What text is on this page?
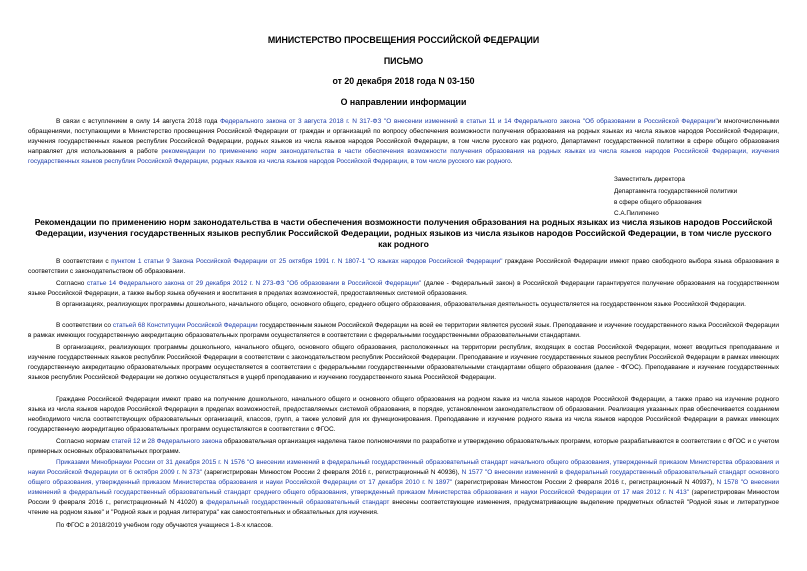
МИНИСТЕРСТВО ПРОСВЕЩЕНИЯ РОССИЙСКОЙ ФЕДЕРАЦИИ
ПИСЬМО
от 20 декабря 2018 года N 03-150
О направлении информации
В связи с вступлением в силу 14 августа 2018 года Федерального закона от 3 августа 2018 г. N 317-ФЗ "О внесении изменений в статьи 11 и 14 Федерального закона "Об образовании в Российской Федерации"и многочисленными обращениями, поступающими в Министерство просвещения Российской Федерации от граждан и организаций по вопросу обеспечения возможности получения образования на родных языках из числа языков народов Российской Федерации, изучения государственных языков республик Российской Федерации, родных языков из числа языков народов Российской Федерации, в том числе русского как родного, Департамент государственной политики в сфере общего образования направляет для использования в работе рекомендации по применению норм законодательства в части обеспечения возможности получения образования на родных языках из числа языков народов Российской Федерации, изучения государственных языков республик Российской Федерации, родных языков из числа языков народов Российской Федерации, в том числе русского как родного.
Заместитель директора
Департамента государственной политики
в сфере общего образования
С.А.Пилипенко
Рекомендации по применению норм законодательства в части обеспечения возможности получения образования на родных языках из числа языков народов Российской Федерации, изучения государственных языков республик Российской Федерации, родных языков из числа языков народов Российской Федерации, в том числе русского как родного
В соответствии с пунктом 1 статьи 9 Закона Российской Федерации от 25 октября 1991 г. N 1807-1 "О языках народов Российской Федерации" граждане Российской Федерации имеют право свободного выбора языка образования в соответствии с законодательством об образовании.
Согласно статье 14 Федерального закона от 29 декабря 2012 г. N 273-ФЗ "Об образовании в Российской Федерации" (далее - Федеральный закон) в Российской Федерации гарантируется получение образования на государственном языке Российской Федерации, а также выбор языка обучения и воспитания в пределах возможностей, предоставляемых системой образования.
В организациях, реализующих программы дошкольного, начального общего, основного общего, среднего общего образования, образовательная деятельность осуществляется на государственном языке Российской Федерации.
В соответствии со статьей 68 Конституции Российской Федерации государственным языком Российской Федерации на всей ее территории является русский язык. Преподавание и изучение государственного языка Российской Федерации в рамках имеющих государственную аккредитацию образовательных программ осуществляется в соответствии с федеральными государственными образовательными стандартами.
В организациях, реализующих программы дошкольного, начального общего, основного общего образования, расположенных на территории республик, входящих в состав Российской Федерации, может вводиться преподавание и изучение государственных языков республик Российской Федерации в соответствии с законодательством республик Российской Федерации. Преподавание и изучение государственных языков республик Российской Федерации в рамках имеющих государственную аккредитацию образовательных программ осуществляется в соответствии с федеральными государственными образовательными стандартами общего образования (далее - ФГОС). Преподавание и изучение государственных языков республик Российской Федерации не должно осуществляться в ущерб преподаванию и изучению государственного языка Российской Федерации.
Граждане Российской Федерации имеют право на получение дошкольного, начального общего и основного общего образования на родном языке из числа языков народов Российской Федерации, а также право на изучение родного языка из числа языков народов Российской Федерации в пределах возможностей, предоставляемых системой образования, в порядке, установленном законодательством об образовании. Реализация указанных прав обеспечивается созданием необходимого числа соответствующих образовательных организаций, классов, групп, а также условий для их функционирования. Преподавание и изучение родного языка из числа языков народов Российской Федерации в рамках имеющих государственную аккредитацию образовательных программ осуществляются в соответствии с ФГОС.
Согласно нормам статей 12 и 28 Федерального закона образовательная организация наделена такое полномочиями по разработке и утверждению образовательных программ, которые разрабатываются в соответствии с ФГОС и с учетом примерных основных образовательных программ.
Приказами Минобрнауки России от 31 декабря 2015 г. N 1576 "О внесении изменений в федеральный государственный образовательный стандарт начального общего образования, утвержденный приказом Министерства образования и науки Российской Федерации от 6 октября 2009 г. N 373" (зарегистрирован Минюстом России 2 февраля 2016 г., регистрационный N 40936), N 1577 "О внесении изменений в федеральный государственный образовательный стандарт основного общего образования, утвержденный приказом Министерства образования и науки Российской Федерации от 17 декабря 2010 г. N 1897" (зарегистрирован Минюстом России 2 февраля 2016 г., регистрационный N 40937), N 1578 "О внесении изменений в федеральный государственный образовательный стандарт среднего общего образования, утвержденный приказом Министерства образования и науки Российской Федерации от 17 мая 2012 г. N 413" (зарегистрирован Минюстом России 9 февраля 2016 г., регистрационный N 41020) в федеральный государственный образовательный стандарт внесены соответствующие изменения, предусматривающие выделение предметных областей "Родной язык и литературное чтение на родном языке" и "Родной язык и родная литература" как самостоятельных и обязательных для изучения.
По ФГОС в 2018/2019 учебном году обучаются учащиеся 1-8-х классов.
